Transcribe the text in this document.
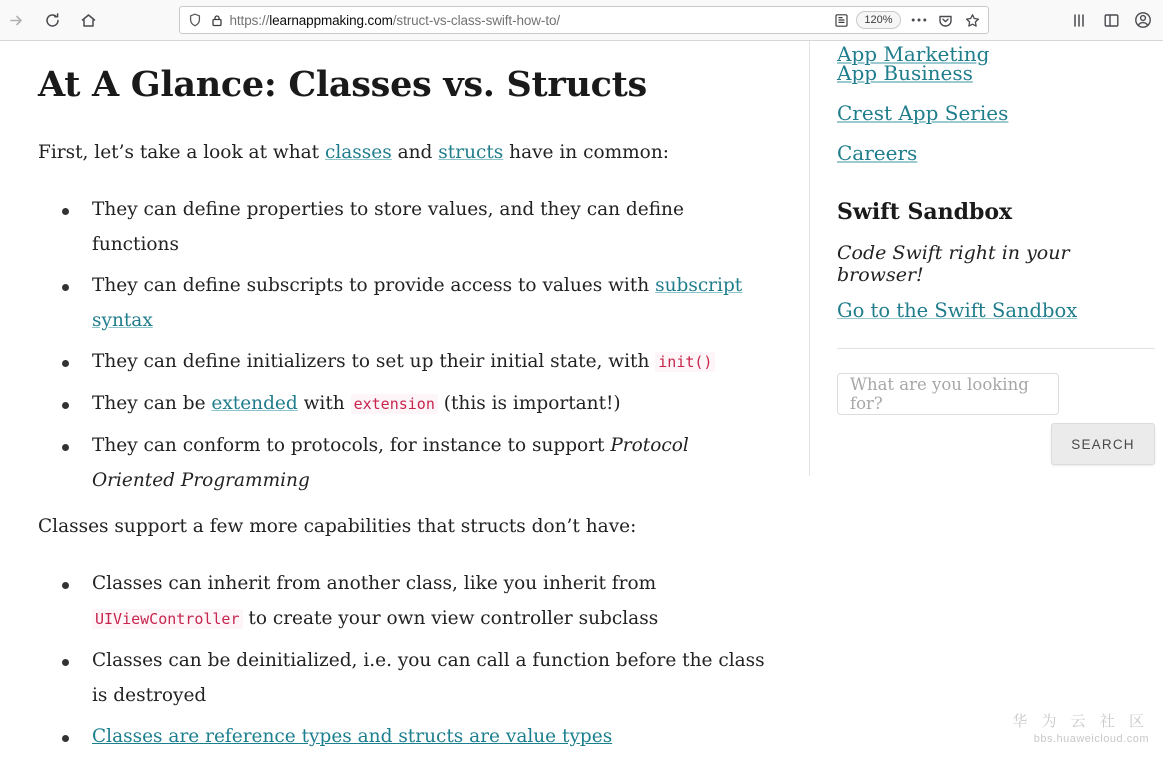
https://learnappmaking.com/struct-vs-class-swift-how-to/	120%
At A Glance: Classes vs. Structs

First, let’s take a look at what classes and structs have in common:

They can define properties to store values, and they can define functions
They can define subscripts to provide access to values with subscript syntax
They can define initializers to set up their initial state, with init()
They can be extended with extension (this is important!)
They can conform to protocols, for instance to support Protocol Oriented Programming

Classes support a few more capabilities that structs don’t have:

Classes can inherit from another class, like you inherit from UIViewController to create your own view controller subclass
Classes can be deinitialized, i.e. you can call a function before the class is destroyed
Classes are reference types and structs are value types
App Marketing
App Business
Crest App Series
Careers
Swift Sandbox

Code Swift right in your browser!

Go to the Swift Sandbox
What are you looking for?
SEARCH
华 为 云 社 区
bbs.huaweicloud.com
